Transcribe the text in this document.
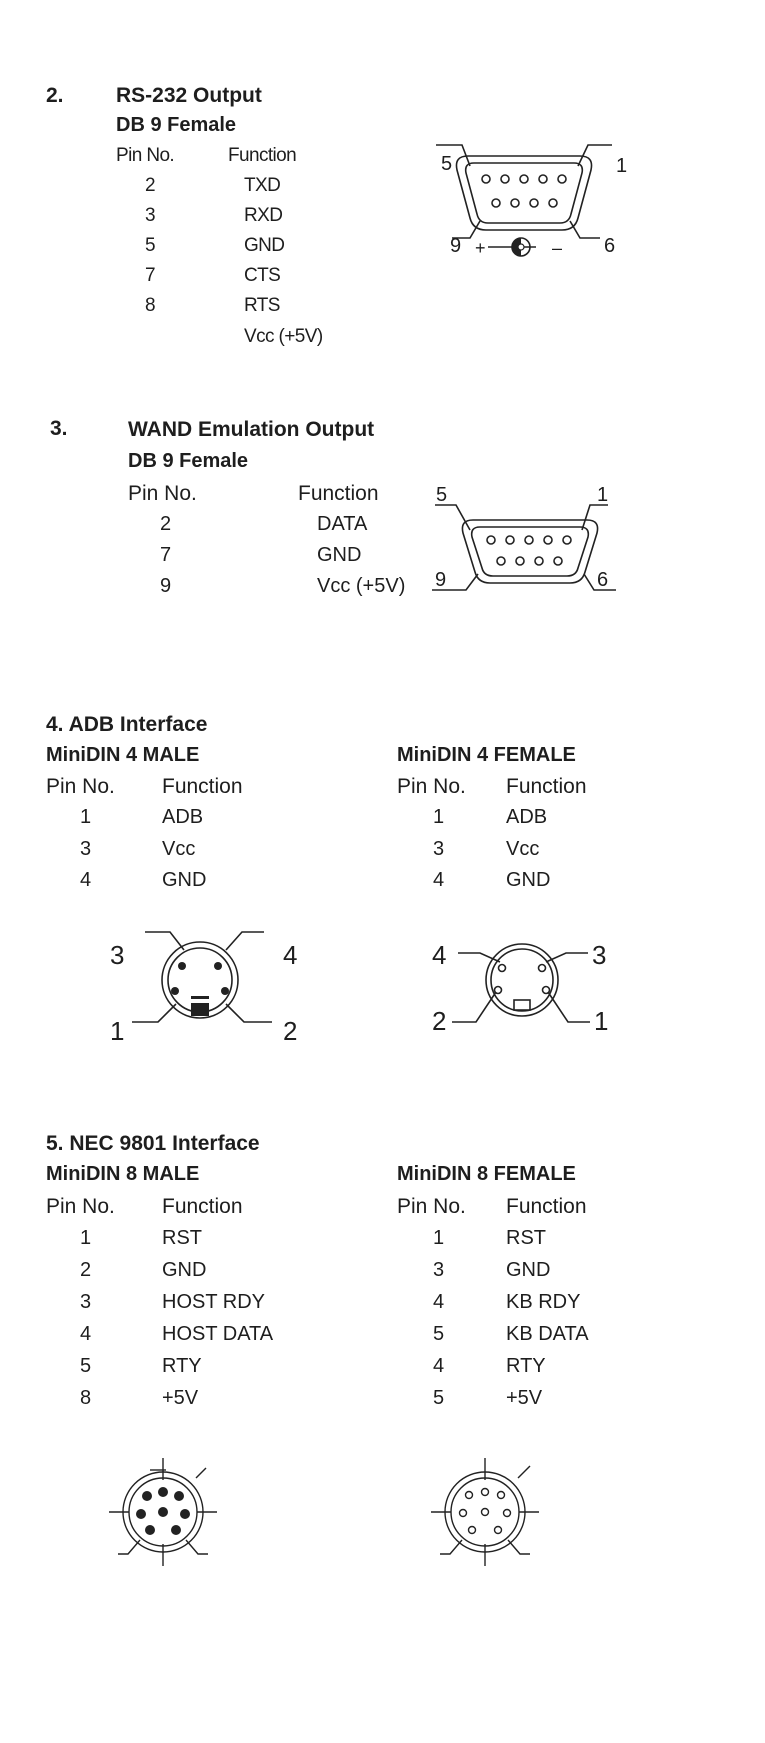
2. RS-232 Output
DB 9 Female
Pin No.	Function
2	TXD
3	RXD
5	GND
7	CTS
8	RTS
Vcc (+5V)
5	1
9	6
+	–
3.	WAND Emulation Output
DB 9 Female
Pin No.	Function
2	DATA
7	GND
9	Vcc (+5V)
5	1
9	6
4. ADB Interface
MiniDIN 4 MALE
Pin No. Function
1	ADB
3	Vcc
4	GND
MiniDIN 4 FEMALE
Pin No. Function
1	ADB
3	Vcc
4	GND
3	4
1	2
4	3
2	1
5. NEC 9801 Interface
MiniDIN 8 MALE
Pin No. Function
1	RST
2	GND
3	HOST RDY
4	HOST DATA
5	RTY
8	+5V
MiniDIN 8 FEMALE
Pin No. Function
1	RST
3	GND
4	KB RDY
5	KB DATA
4	RTY
5	+5V
